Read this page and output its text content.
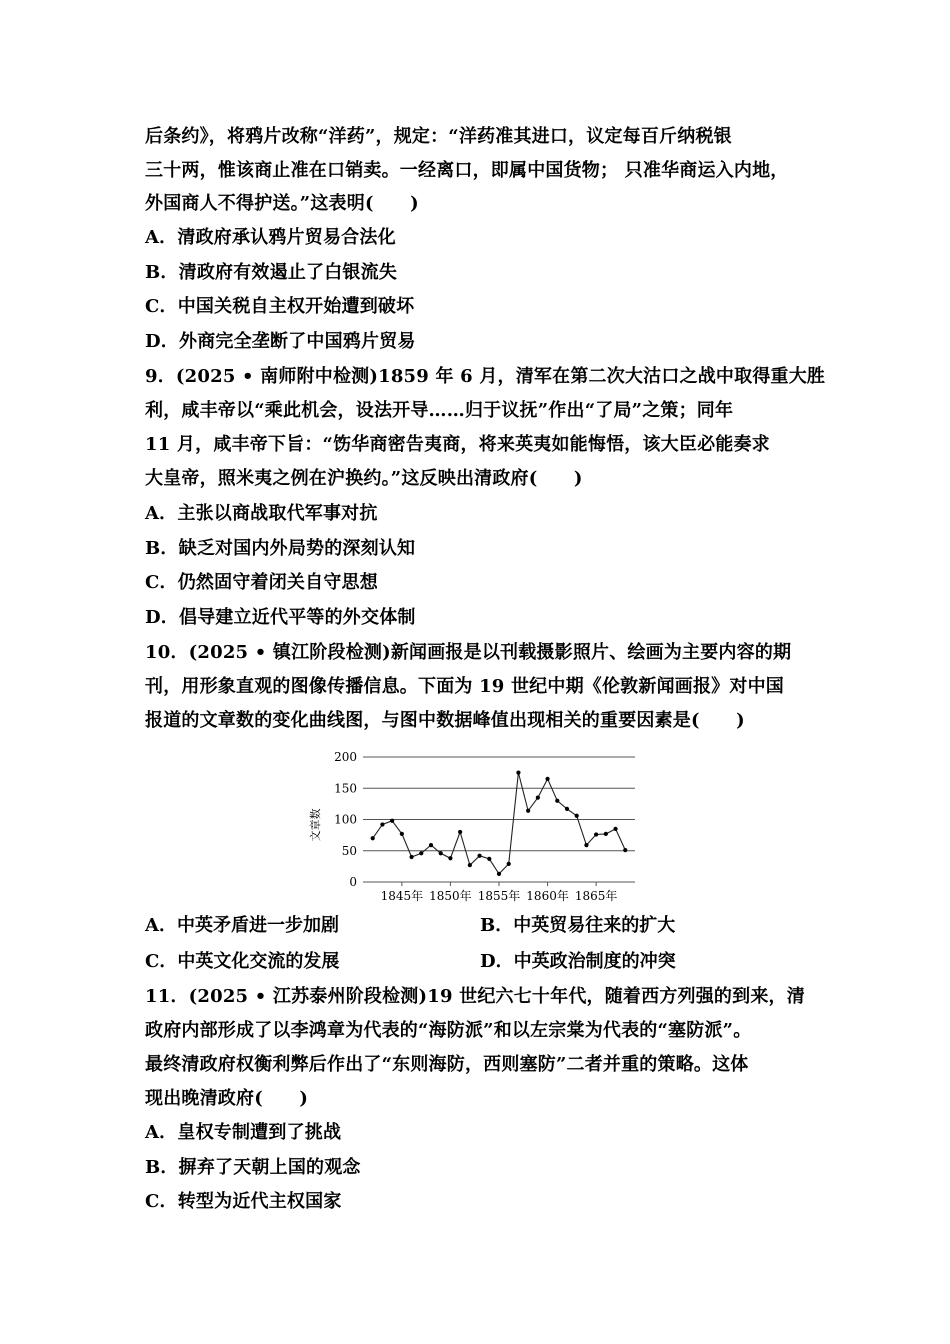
后条约》，将鸦片改称“洋药”，规定：“洋药准其进口，议定每百斤纳税银
三十两，惟该商止准在口销卖。一经离口，即属中国货物； 只准华商运入内地，
外国商人不得护送。”这表明(　　)
A．清政府承认鸦片贸易合法化
B．清政府有效遏止了白银流失
C．中国关税自主权开始遭到破坏
D．外商完全垄断了中国鸦片贸易
9．(2025 • 南师附中检测)1859 年 6 月，清军在第二次大沽口之战中取得重大胜
利，咸丰帝以“乘此机会，设法开导……归于议抚”作出“了局”之策；同年
11 月，咸丰帝下旨：“饬华商密告夷商，将来英夷如能悔悟，该大臣必能奏求
大皇帝，照米夷之例在沪换约。”这反映出清政府(　　)
A．主张以商战取代军事对抗
B．缺乏对国内外局势的深刻认知
C．仍然固守着闭关自守思想
D．倡导建立近代平等的外交体制
10．(2025 • 镇江阶段检测)新闻画报是以刊载摄影照片、绘画为主要内容的期
刊，用形象直观的图像传播信息。下面为 19 世纪中期《伦敦新闻画报》对中国
报道的文章数的变化曲线图，与图中数据峰值出现相关的重要因素是(　　)
0
50
100
150
200
1845年 1850年 1855年 1860年 1865年
文章数
A．中英矛盾进一步加剧	B．中英贸易往来的扩大
C．中英文化交流的发展	D．中英政治制度的冲突
11．(2025 • 江苏泰州阶段检测)19 世纪六七十年代，随着西方列强的到来，清
政府内部形成了以李鸿章为代表的“海防派”和以左宗棠为代表的“塞防派”。
最终清政府权衡利弊后作出了“东则海防，西则塞防”二者并重的策略。这体
现出晚清政府(　　)
A．皇权专制遭到了挑战
B．摒弃了天朝上国的观念
C．转型为近代主权国家
